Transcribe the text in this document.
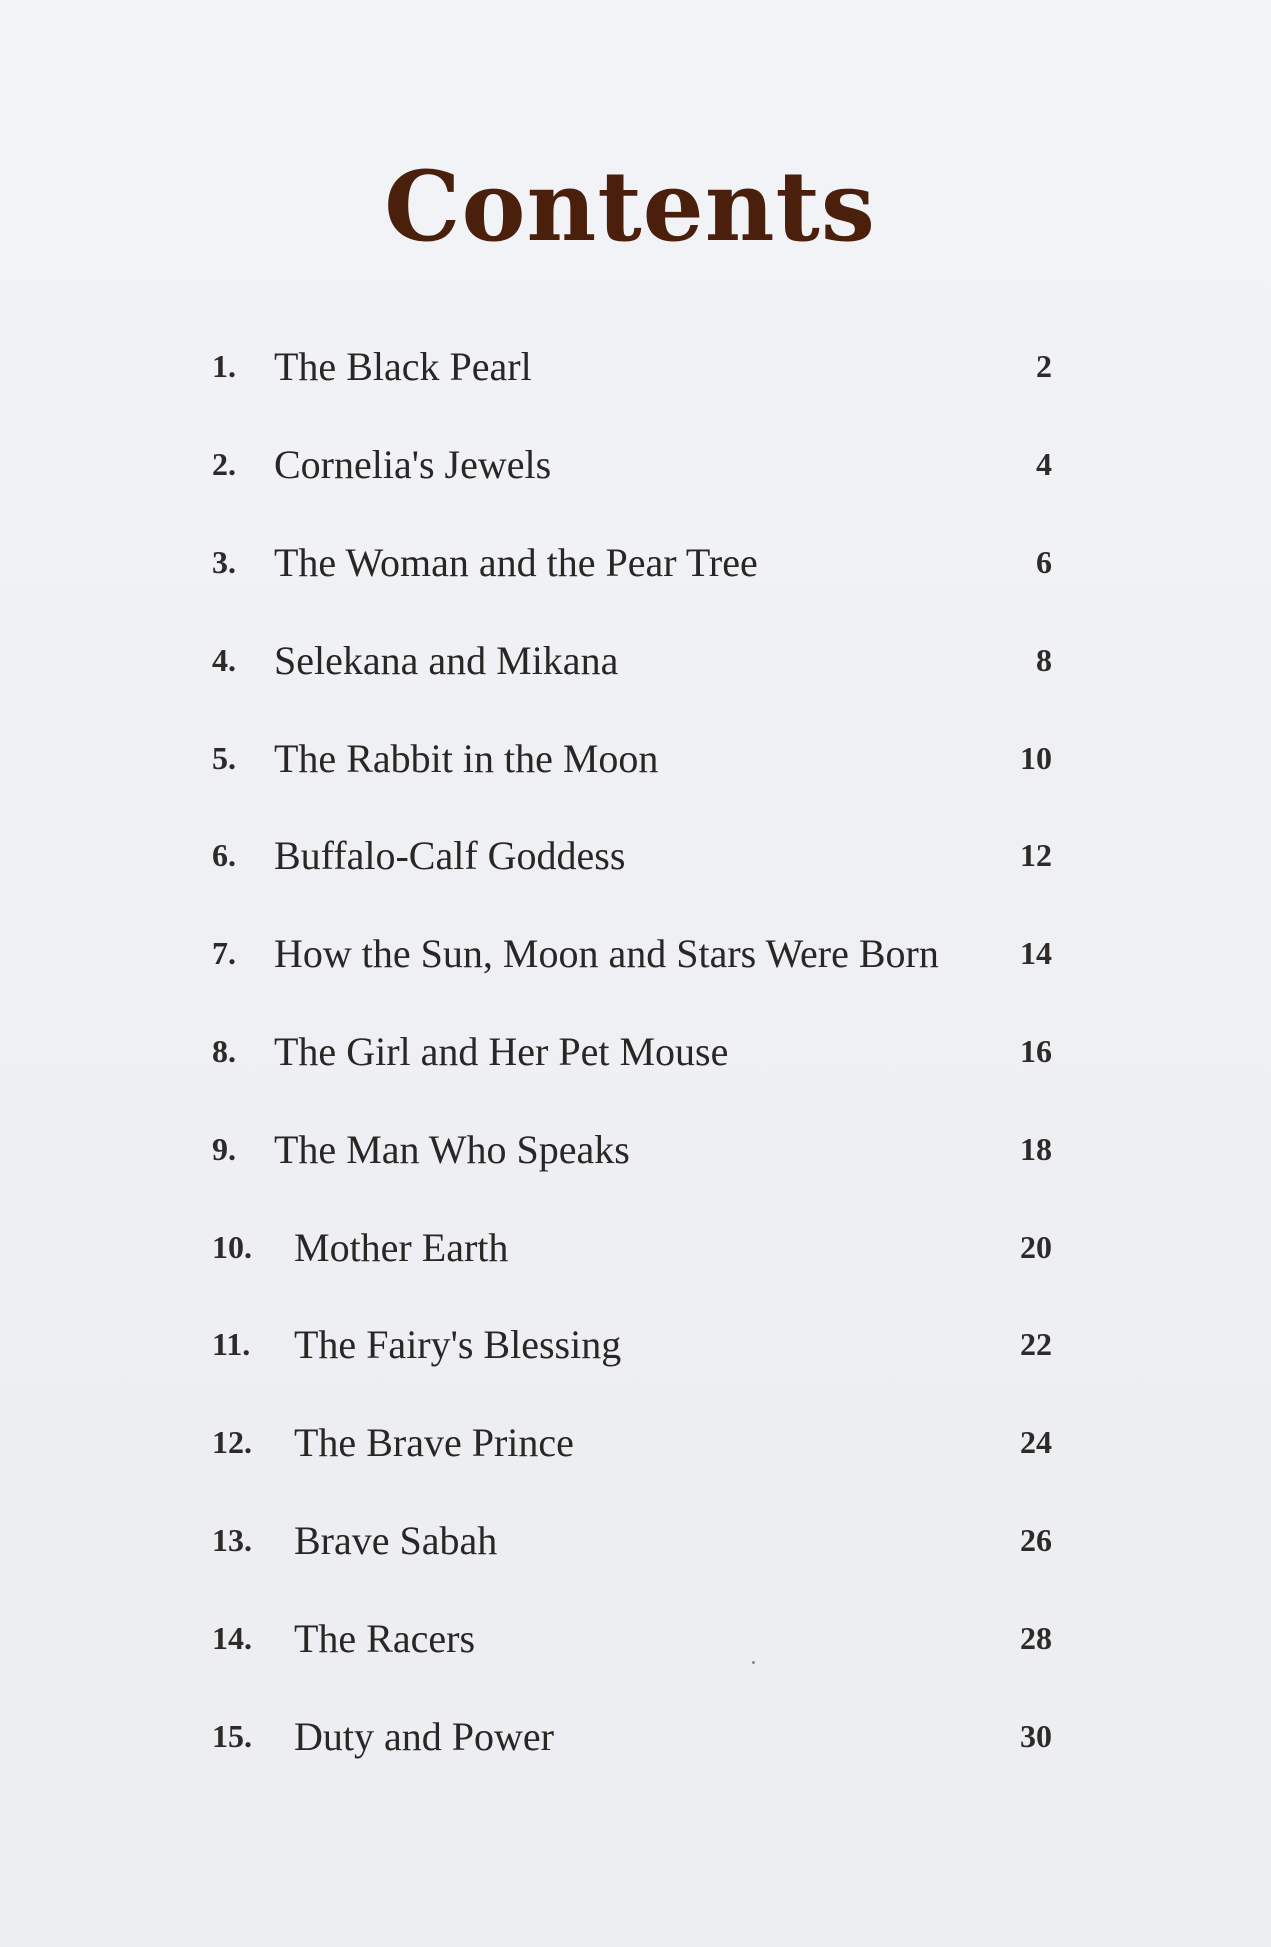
Contents
1. The Black Pearl	2
2. Cornelia's Jewels	4
3. The Woman and the Pear Tree	6
4. Selekana and Mikana	8
5. The Rabbit in the Moon	10
6. Buffalo-Calf Goddess	12
7. How the Sun, Moon and Stars Were Born	14
8. The Girl and Her Pet Mouse	16
9. The Man Who Speaks	18
10.	Mother Earth	20
11.	The Fairy's Blessing	22
12.	The Brave Prince	24
13.	Brave Sabah	26
14.	The Racers	28
15.	Duty and Power	30
